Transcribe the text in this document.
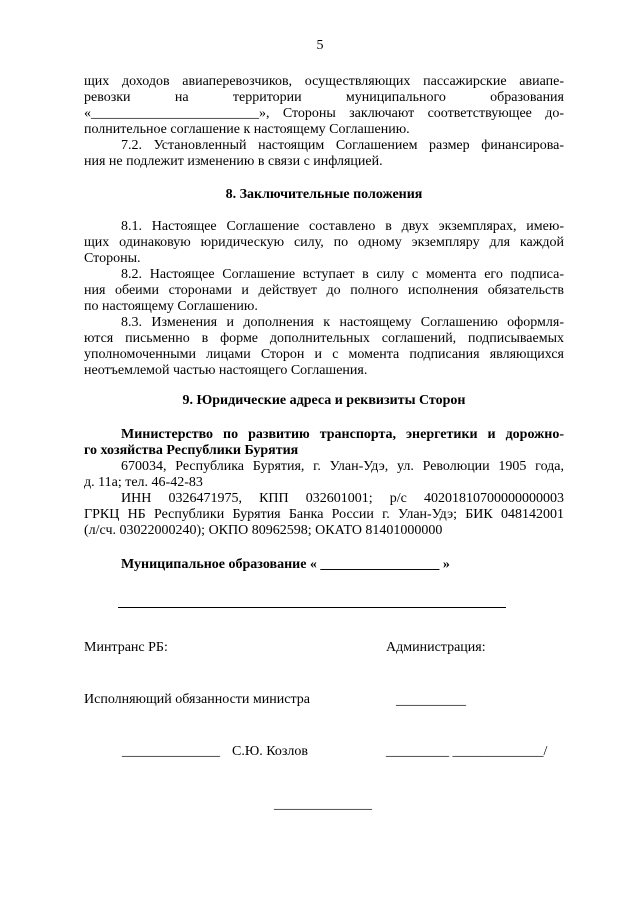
5

щих доходов авиаперевозчиков, осуществляющих пассажирские авиапе-

ревозки	на	территории	муниципального	образования

«________________________», Стороны заключают соответствующее до-

полнительное соглашение к настоящему Соглашению.

7.2. Установленный настоящим Соглашением размер финансирова-

ния не подлежит изменению в связи с инфляцией.

8. Заключительные положения

8.1. Настоящее Соглашение составлено в двух экземплярах, имею-

щих одинаковую юридическую силу, по одному экземпляру для каждой

Стороны.

8.2. Настоящее Соглашение вступает в силу с момента его подписа-

ния обеими сторонами и действует до полного исполнения обязательств

по настоящему Соглашению.

8.3. Изменения и дополнения к настоящему Соглашению оформля-

ются письменно в форме дополнительных соглашений, подписываемых

уполномоченными лицами Сторон и с момента подписания являющихся

неотъемлемой частью настоящего Соглашения.

9. Юридические адреса и реквизиты Сторон

Министерство по развитию транспорта, энергетики и дорожно-

го хозяйства Республики Бурятия

670034, Республика Бурятия, г. Улан-Удэ, ул. Революции 1905 года,

д. 11а; тел. 46-42-83

ИНН 0326471975, КПП 032601001; р/с 40201810700000000003

ГРКЦ НБ Республики Бурятия Банка России г. Улан-Удэ; БИК 048142001

(л/сч. 03022000240); ОКПО 80962598; ОКАТО 81401000000

Муниципальное образование « _________________ »

Минтранс РБ:	Администрация:
Исполняющий обязанности министра	__________
______________ С.Ю. Козлов	_________ _____________/
______________
